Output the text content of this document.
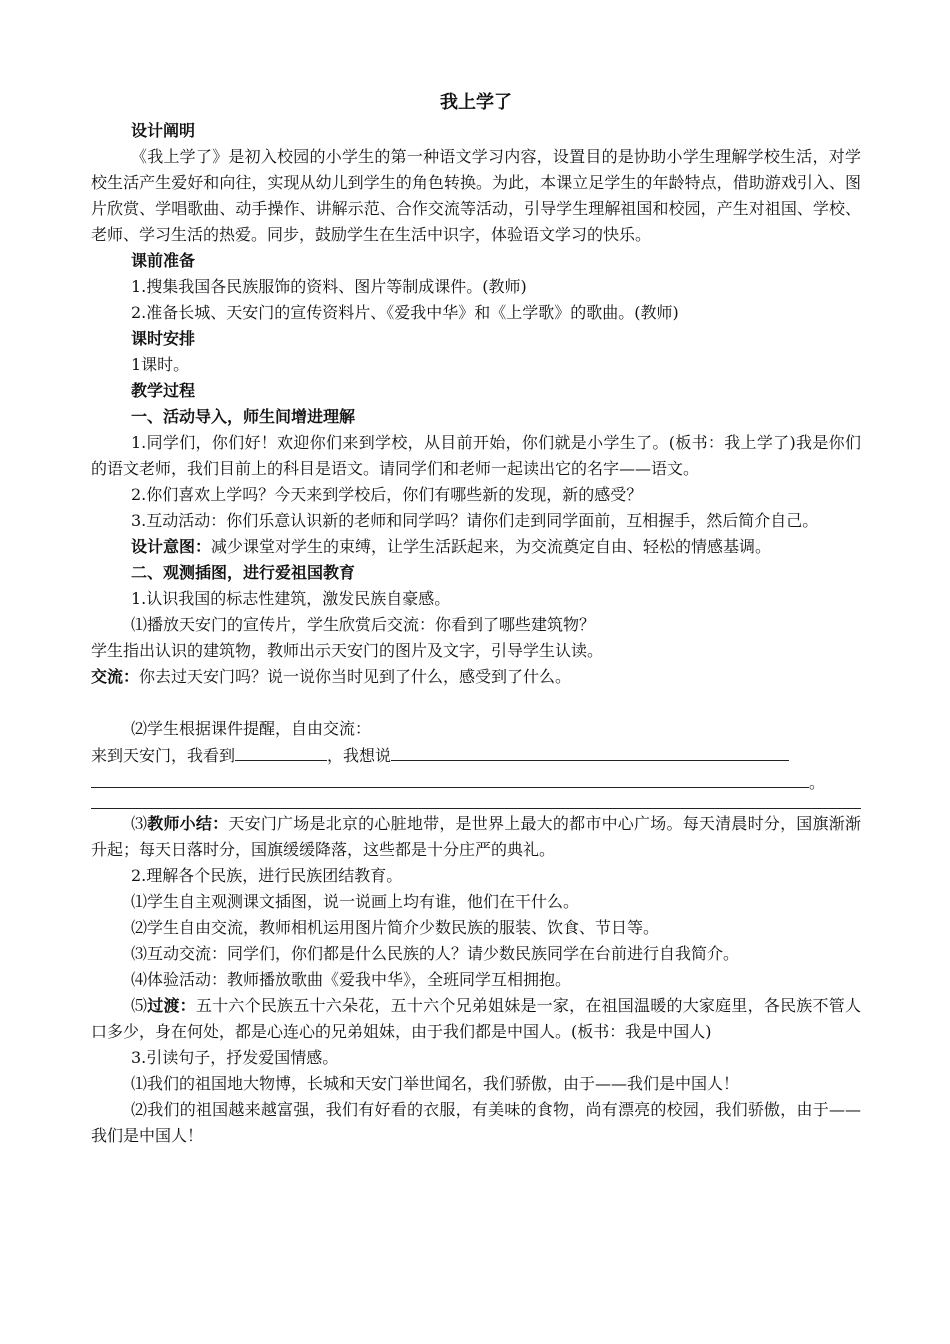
我上学了

设计阐明

《我上学了》是初入校园的小学生的第一种语文学习内容，设置目的是协助小学生理解学校生活，对学校生活产生爱好和向往，实现从幼儿到学生的角色转换。为此，本课立足学生的年龄特点，借助游戏引入、图片欣赏、学唱歌曲、动手操作、讲解示范、合作交流等活动，引导学生理解祖国和校园，产生对祖国、学校、老师、学习生活的热爱。同步，鼓励学生在生活中识字，体验语文学习的快乐。

课前准备

1.搜集我国各民族服饰的资料、图片等制成课件。(教师)

2.准备长城、天安门的宣传资料片、《爱我中华》和《上学歌》的歌曲。(教师)

课时安排

1课时。

教学过程

一、活动导入，师生间增进理解

1.同学们，你们好！欢迎你们来到学校，从目前开始，你们就是小学生了。(板书：我上学了)我是你们的语文老师，我们目前上的科目是语文。请同学们和老师一起读出它的名字——语文。

2.你们喜欢上学吗？今天来到学校后，你们有哪些新的发现，新的感受？

3.互动活动：你们乐意认识新的老师和同学吗？请你们走到同学面前，互相握手，然后简介自己。

设计意图：减少课堂对学生的束缚，让学生活跃起来，为交流奠定自由、轻松的情感基调。

二、观测插图，进行爱祖国教育

1.认识我国的标志性建筑，激发民族自豪感。

⑴播放天安门的宣传片，学生欣赏后交流：你看到了哪些建筑物？

学生指出认识的建筑物，教师出示天安门的图片及文字，引导学生认读。

交流：你去过天安门吗？说一说你当时见到了什么，感受到了什么。

⑵学生根据课件提醒，自由交流：

来到天安门，我看到	，我想说

。

⑶教师小结：天安门广场是北京的心脏地带，是世界上最大的都市中心广场。每天清晨时分，国旗渐渐升起；每天日落时分，国旗缓缓降落，这些都是十分庄严的典礼。

2.理解各个民族，进行民族团结教育。

⑴学生自主观测课文插图，说一说画上均有谁，他们在干什么。

⑵学生自由交流，教师相机运用图片简介少数民族的服装、饮食、节日等。

⑶互动交流：同学们，你们都是什么民族的人？请少数民族同学在台前进行自我简介。

⑷体验活动：教师播放歌曲《爱我中华》，全班同学互相拥抱。

⑸过渡：五十六个民族五十六朵花，五十六个兄弟姐妹是一家，在祖国温暖的大家庭里，各民族不管人口多少，身在何处，都是心连心的兄弟姐妹，由于我们都是中国人。(板书：我是中国人)

3.引读句子，抒发爱国情感。

⑴我们的祖国地大物博，长城和天安门举世闻名，我们骄傲，由于——我们是中国人！

⑵我们的祖国越来越富强，我们有好看的衣服，有美味的食物，尚有漂亮的校园，我们骄傲，由于——我们是中国人！
